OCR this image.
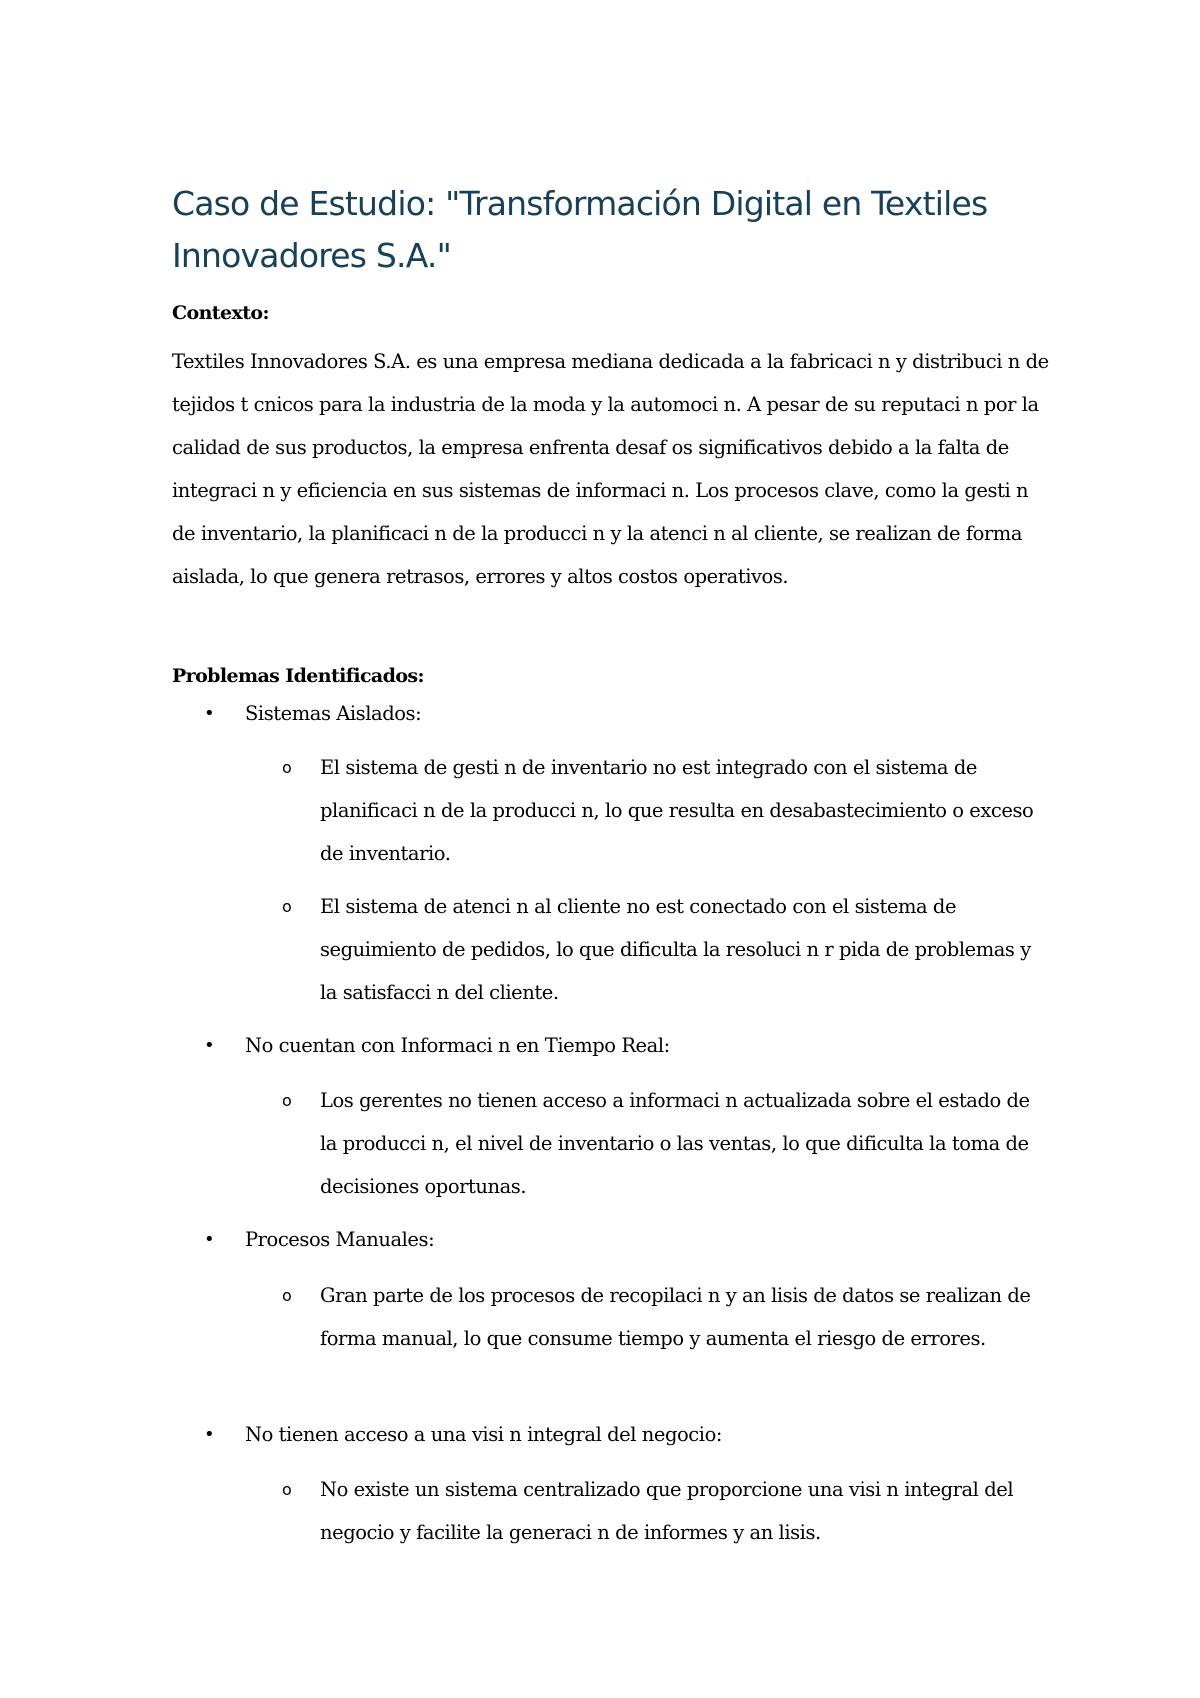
Caso de Estudio: "Transformación Digital en Textiles Innovadores S.A."
Contexto:

Textiles Innovadores S.A. es una empresa mediana dedicada a la fabricaci n y distribuci n de tejidos t cnicos para la industria de la moda y la automoci n. A pesar de su reputaci n por la calidad de sus productos, la empresa enfrenta desaf os significativos debido a la falta de integraci n y eficiencia en sus sistemas de informaci n. Los procesos clave, como la gesti n de inventario, la planificaci n de la producci n y la atenci n al cliente, se realizan de forma aislada, lo que genera retrasos, errores y altos costos operativos.

Problemas Identificados:
•	Sistemas Aislados:
o	El sistema de gesti n de inventario no est integrado con el sistema de planificaci n de la producci n, lo que resulta en desabastecimiento o exceso de inventario.
o	El sistema de atenci n al cliente no est conectado con el sistema de seguimiento de pedidos, lo que dificulta la resoluci n r pida de problemas y la satisfacci n del cliente.
•	No cuentan con Informaci n en Tiempo Real:
o	Los gerentes no tienen acceso a informaci n actualizada sobre el estado de la producci n, el nivel de inventario o las ventas, lo que dificulta la toma de decisiones oportunas.
•	Procesos Manuales:
o	Gran parte de los procesos de recopilaci n y an lisis de datos se realizan de forma manual, lo que consume tiempo y aumenta el riesgo de errores.
•	No tienen acceso a una visi n integral del negocio:
o	No existe un sistema centralizado que proporcione una visi n integral del negocio y facilite la generaci n de informes y an lisis.
